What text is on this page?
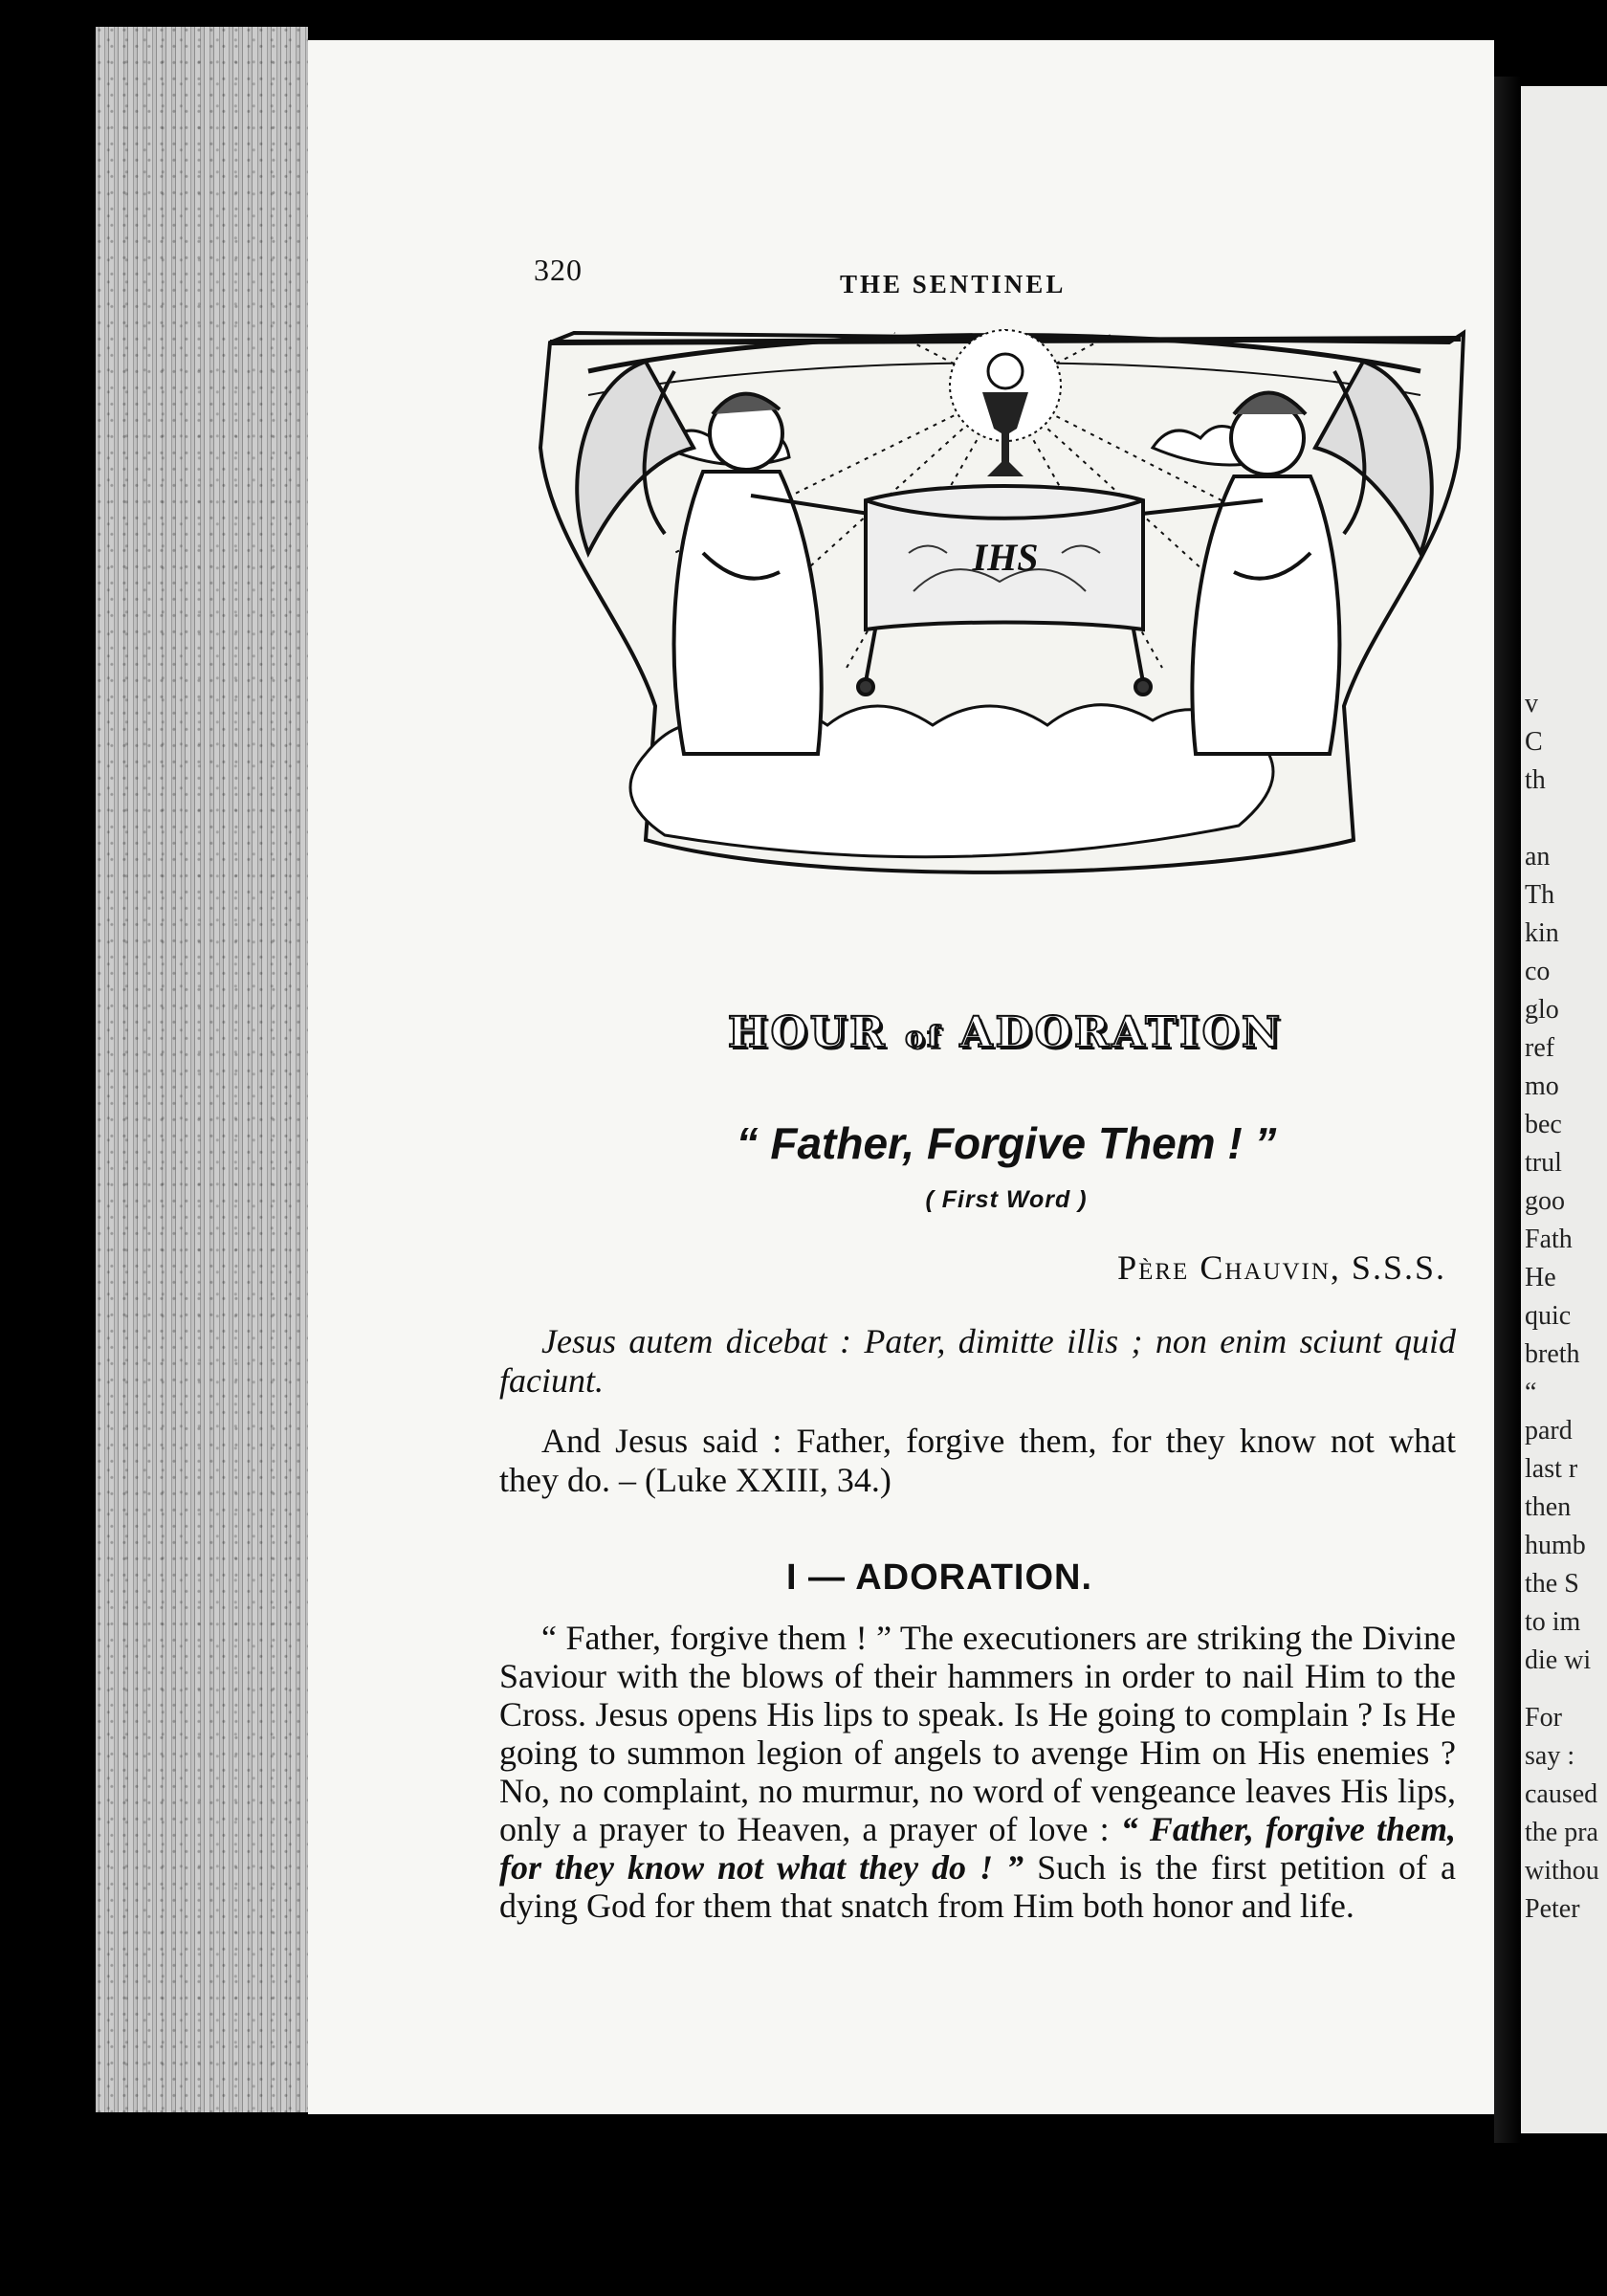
320	THE SENTINEL
IHS
HOUR of ADORATION
“ Father, Forgive Them ! ”
( First Word )
Père Chauvin, S.S.S.
Jesus autem dicebat : Pater, dimitte illis ; non enim sciunt quid faciunt.
And Jesus said : Father, forgive them, for they know not what they do. – (Luke XXIII, 34.)
I — ADORATION.
“ Father, forgive them ! ” The executioners are striking the Divine Saviour with the blows of their hammers in order to nail Him to the Cross. Jesus opens His lips to speak. Is He going to complain ? Is He going to summon legion of angels to avenge Him on His enemies ? No, no complaint, no murmur, no word of vengeance leaves His lips, only a prayer to Heaven, a prayer of love : “ Father, forgive them, for they know not what they do ! ” Such is the first petition of a dying God for them that snatch from Him both honor and life.
v
C
th
an
Th
kin
co
glo
ref
mo
bec
trul
goo
Fath
He
quic
breth
“
pard
last r
then
humb
the S
to im
die wi
For
say :
caused
the pra
withou
Peter
